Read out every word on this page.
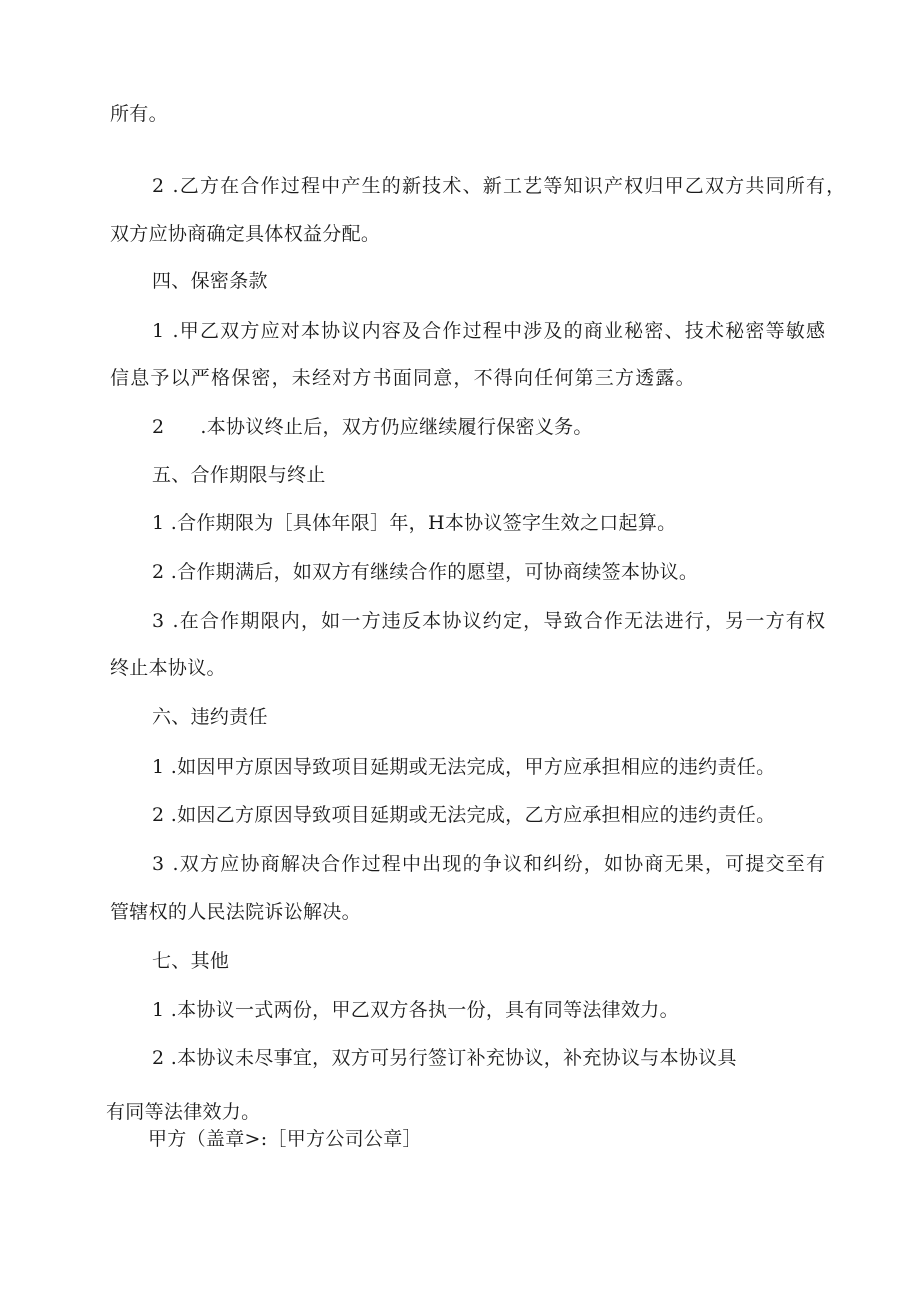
所有。
2 .乙方在合作过程中产生的新技术、新工艺等知识产权归甲乙双方共同所有，
双方应协商确定具体权益分配。
四、保密条款
1 .甲乙双方应对本协议内容及合作过程中涉及的商业秘密、技术秘密等敏感
信息予以严格保密，未经对方书面同意，不得向任何第三方透露。
2 .本协议终止后，双方仍应继续履行保密义务。
五、合作期限与终止
1 .合作期限为［具体年限］年，H本协议签字生效之口起算。
2 .合作期满后，如双方有继续合作的愿望，可协商续签本协议。
3 .在合作期限内，如一方违反本协议约定，导致合作无法进行，另一方有权
终止本协议。
六、违约责任
1 .如因甲方原因导致项目延期或无法完成，甲方应承担相应的违约责任。
2 .如因乙方原因导致项目延期或无法完成，乙方应承担相应的违约责任。
3 .双方应协商解决合作过程中出现的争议和纠纷，如协商无果，可提交至有
管辖权的人民法院诉讼解决。
七、其他
1 .本协议一式两份，甲乙双方各执一份，具有同等法律效力。
2 .本协议未尽事宜，双方可另行签订补充协议，补充协议与本协议具
有同等法律效力。
甲方（盖章>:［甲方公司公章］
